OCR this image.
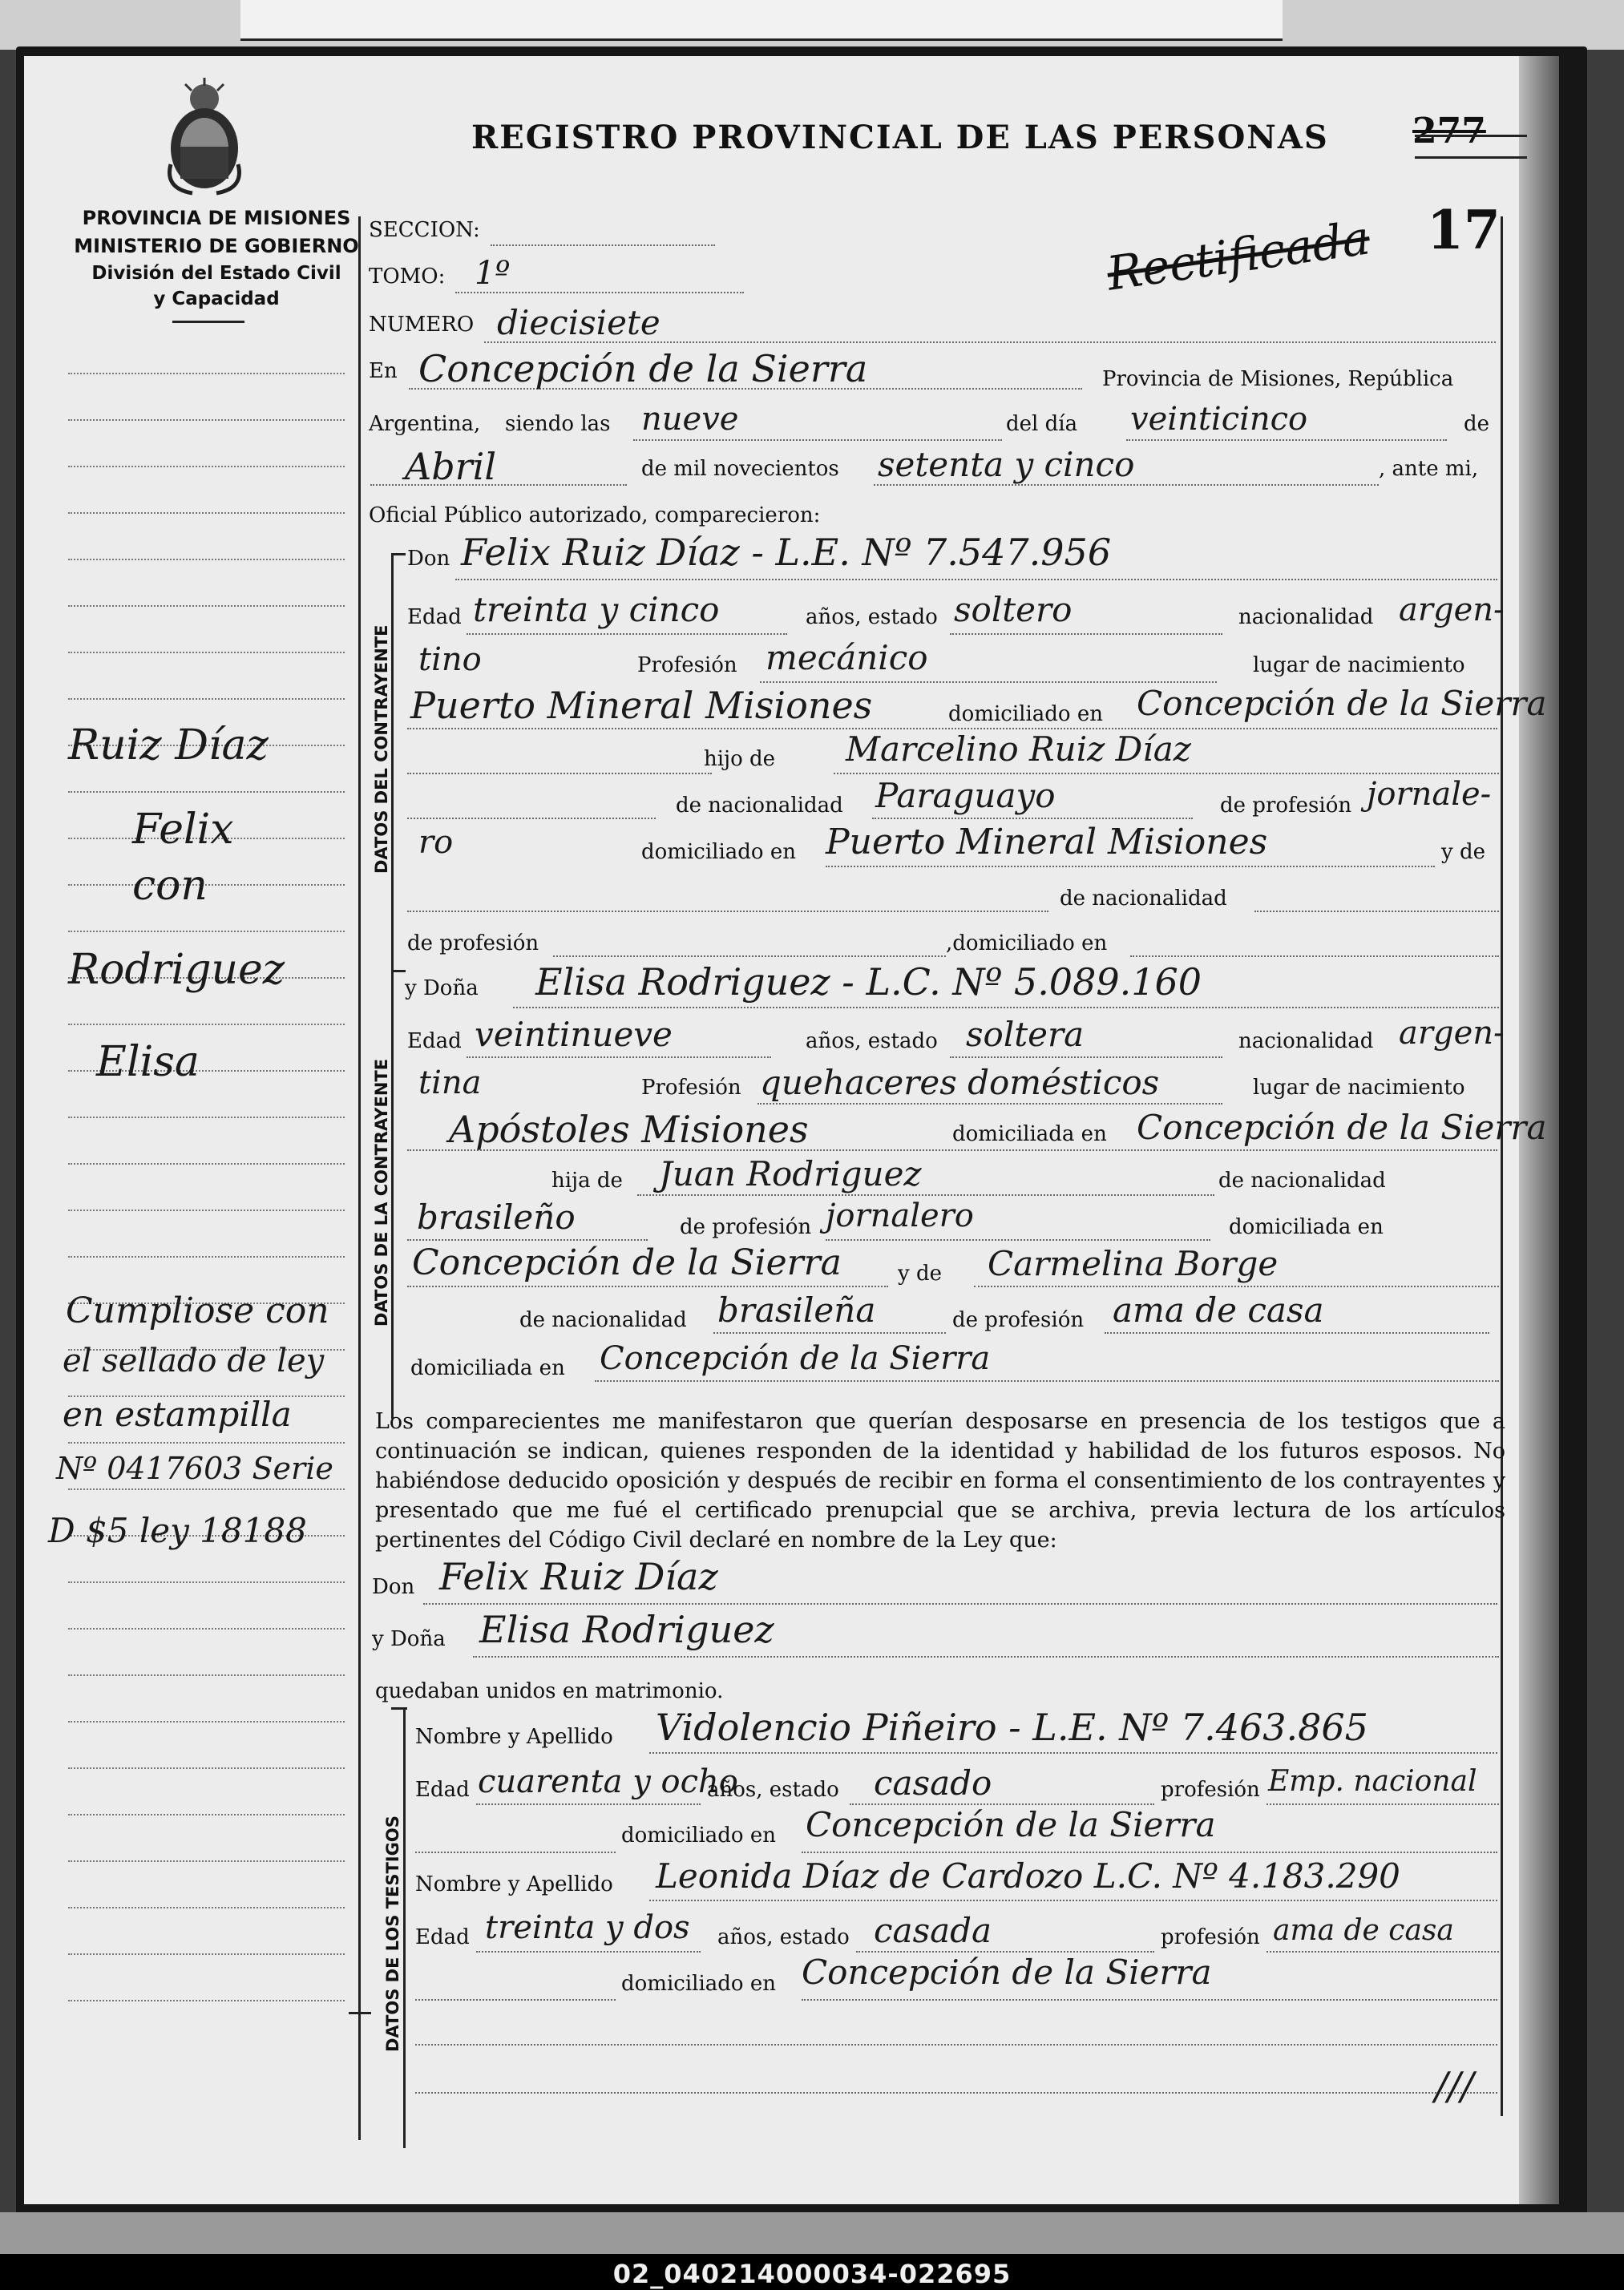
PROVINCIA DE MISIONES
MINISTERIO DE GOBIERNO
División del Estado Civil
y Capacidad
Ruiz Díaz
Felix
con
Rodriguez
Elisa
Cumpliose con
el sellado de ley
en estampilla
Nº 0417603 Serie
D $5 ley 18188
REGISTRO PROVINCIAL DE LAS PERSONAS 277
17
Rectificada
SECCION:
TOMO: 1º
NUMERO diecisiete
En Concepción de la Sierra	Provincia de Misiones, República
Argentina, siendo las nueve	del día veinticinco	de
Abril	de mil novecientos setenta y cinco	, ante mi,
Oficial Público autorizado, comparecieron:
DATOS DEL CONTRAYENTE
Don Felix Ruiz Díaz - L.E. Nº 7.547.956
Edad treinta y cinco	años, estado soltero	nacionalidad argen-
tino	Profesión mecánico	lugar de nacimiento
Puerto Mineral Misiones	domiciliado en Concepción de la Sierra
hijo de Marcelino Ruiz Díaz
de nacionalidad Paraguayo	de profesión jornale-
ro	domiciliado en Puerto Mineral Misiones	y de
de nacionalidad
de profesión	,domiciliado en
DATOS DE LA CONTRAYENTE
y Doña Elisa Rodriguez - L.C. Nº 5.089.160
Edad veintinueve	años, estado soltera	nacionalidad argen-
tina	Profesión quehaceres domésticos	lugar de nacimiento
Apóstoles Misiones	domiciliada en Concepción de la Sierra
hija de Juan Rodriguez	de nacionalidad
brasileño	de profesión jornalero	domiciliada en
Concepción de la Sierra	y de Carmelina Borge
de nacionalidad brasileña	de profesión ama de casa
domiciliada en Concepción de la Sierra
Los comparecientes me manifestaron que querían desposarse en presencia de los testigos que a continuación se indican, quienes responden de la identidad y habilidad de los futuros esposos. No habiéndose deducido oposición y después de recibir en forma el consentimiento de los contrayentes y presentado que me fué el certificado prenupcial que se archiva, previa lectura de los artículos pertinentes del Código Civil declaré en nombre de la Ley que:
Don Felix Ruiz Díaz
y Doña Elisa Rodriguez
quedaban unidos en matrimonio.
DATOS DE LOS TESTIGOS
Nombre y Apellido Vidolencio Piñeiro - L.E. Nº 7.463.865
Edad cuarenta y ocho
años, estado casado	profesión Emp. nacional
domiciliado en Concepción de la Sierra
Nombre y Apellido Leonida Díaz de Cardozo L.C. Nº 4.183.290
Edad treinta y dos años, estado casada	profesión ama de casa
domiciliado en Concepción de la Sierra
///
02_040214000034-022695
